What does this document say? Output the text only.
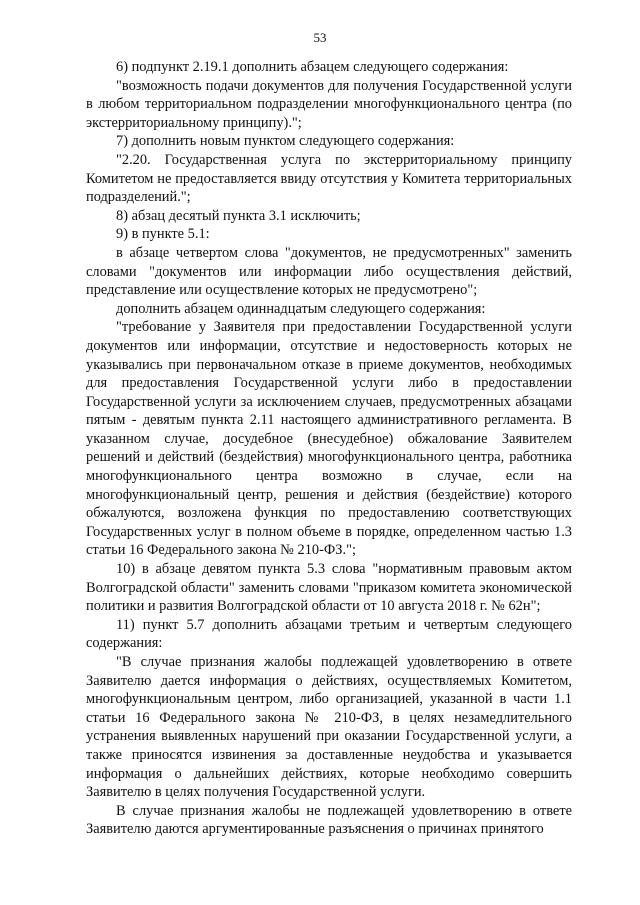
53

6) подпункт 2.19.1 дополнить абзацем следующего содержания:

"возможность подачи документов для получения Государственной услуги в любом территориальном подразделении многофункционального центра (по экстерриториальному принципу).";

7) дополнить новым пунктом следующего содержания:

"2.20. Государственная услуга по экстерриториальному принципу Комитетом не предоставляется ввиду отсутствия у Комитета территориальных подразделений.";

8) абзац десятый пункта 3.1 исключить;

9) в пункте 5.1:

в абзаце четвертом слова "документов, не предусмотренных" заменить словами "документов или информации либо осуществления действий, представление или осуществление которых не предусмотрено";

дополнить абзацем одиннадцатым следующего содержания:

"требование у Заявителя при предоставлении Государственной услуги документов или информации, отсутствие и недостоверность которых не указывались при первоначальном отказе в приеме документов, необходимых для предоставления Государственной услуги либо в предоставлении Государственной услуги за исключением случаев, предусмотренных абзацами пятым - девятым пункта 2.11 настоящего административного регламента. В указанном случае, досудебное (внесудебное) обжалование Заявителем решений и действий (бездействия) многофункционального центра, работника многофункционального центра возможно в случае, если на многофункциональный центр, решения и действия (бездействие) которого обжалуются, возложена функция по предоставлению соответствующих Государственных услуг в полном объеме в порядке, определенном частью 1.3 статьи 16 Федерального закона № 210-ФЗ.";

10) в абзаце девятом пункта 5.3 слова "нормативным правовым актом Волгоградской области" заменить словами "приказом комитета экономической политики и развития Волгоградской области от 10 августа 2018 г. № 62н";

11) пункт 5.7 дополнить абзацами третьим и четвертым следующего содержания:

"В случае признания жалобы подлежащей удовлетворению в ответе Заявителю дается информация о действиях, осуществляемых Комитетом, многофункциональным центром, либо организацией, указанной в части 1.1 статьи 16 Федерального закона № 210-ФЗ, в целях незамедлительного устранения выявленных нарушений при оказании Государственной услуги, а также приносятся извинения за доставленные неудобства и указывается информация о дальнейших действиях, которые необходимо совершить Заявителю в целях получения Государственной услуги.

В случае признания жалобы не подлежащей удовлетворению в ответе Заявителю даются аргументированные разъяснения о причинах принятого
